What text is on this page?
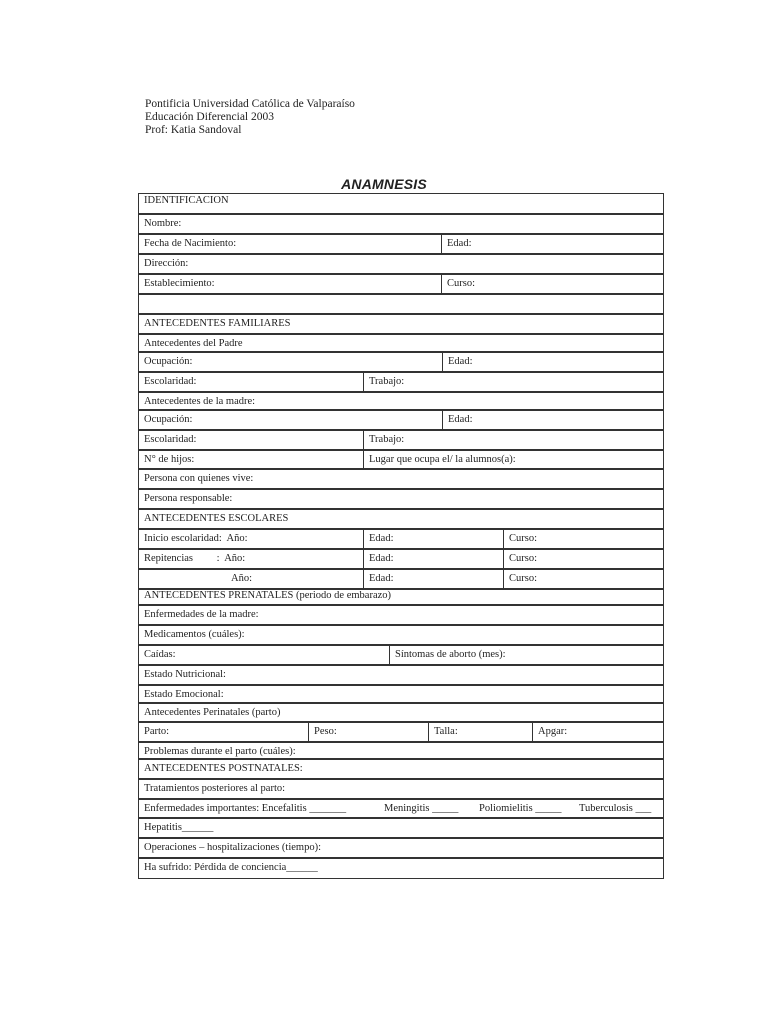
Pontificia Universidad Católica de Valparaíso
Educación Diferencial 2003
Prof: Katia Sandoval
ANAMNESIS
IDENTIFICACION
Nombre:
Fecha de Nacimiento:	Edad:
Dirección:
Establecimiento:	Curso:
ANTECEDENTES FAMILIARES
Antecedentes del Padre
Ocupación:	Edad:
Escolaridad:	Trabajo:
Antecedentes de la madre:
Ocupación:	Edad:
Escolaridad:	Trabajo:
N° de hijos:	Lugar que ocupa el/ la alumnos(a):
Persona con quienes vive:
Persona responsable:
ANTECEDENTES ESCOLARES
Inicio escolaridad:  Año:	Edad:	Curso:
Repitencias         :  Año:	Edad:	Curso:
Año:	Edad:	Curso:
ANTECEDENTES PRENATALES (periodo de embarazo)
Enfermedades de la madre:
Medicamentos (cuáles):
Caídas:	Síntomas de aborto (mes):
Estado Nutricional:
Estado Emocional:
Antecedentes Perinatales (parto)
Parto:	Peso:	Talla:	Apgar:
Problemas durante el parto (cuáles):
ANTECEDENTES POSTNATALES:
Tratamientos posteriores al parto:
Enfermedades importantes: Encefalitis _______	Meningitis _____	Poliomielitis _____	Tuberculosis ___
Hepatitis______
Operaciones – hospitalizaciones (tiempo):
Ha sufrido: Pérdida de conciencia______
